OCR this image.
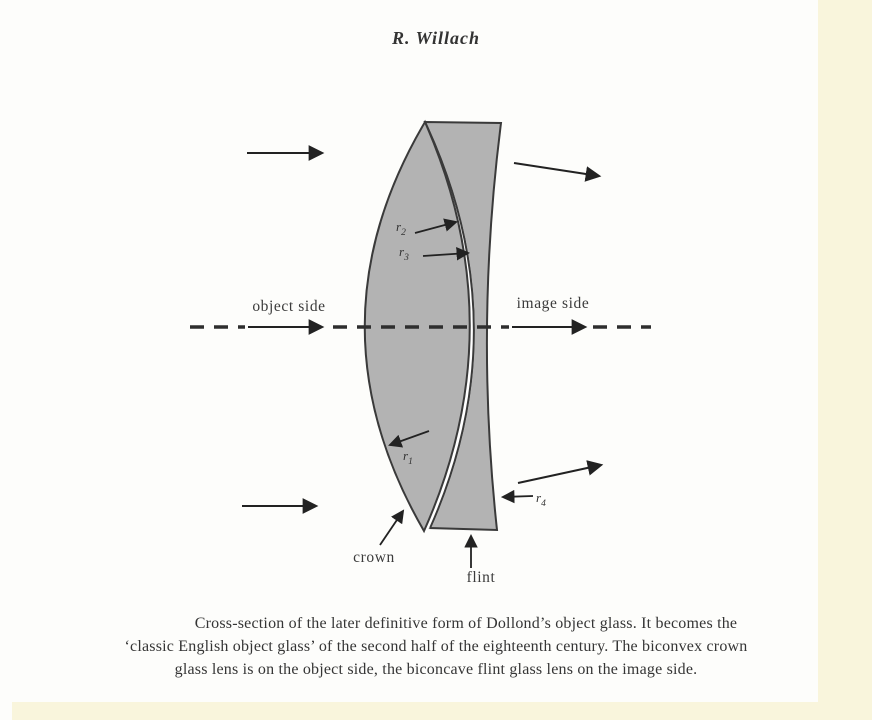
R. Willach
object side	image side
crown
flint
$r_1$
$r_2$
$r_3$
$r_4$
Cross-section of the later definitive form of Dollond’s object glass. It becomes the
‘classic English object glass’ of the second half of the eighteenth century. The biconvex crown
glass lens is on the object side, the biconcave flint glass lens on the image side.
